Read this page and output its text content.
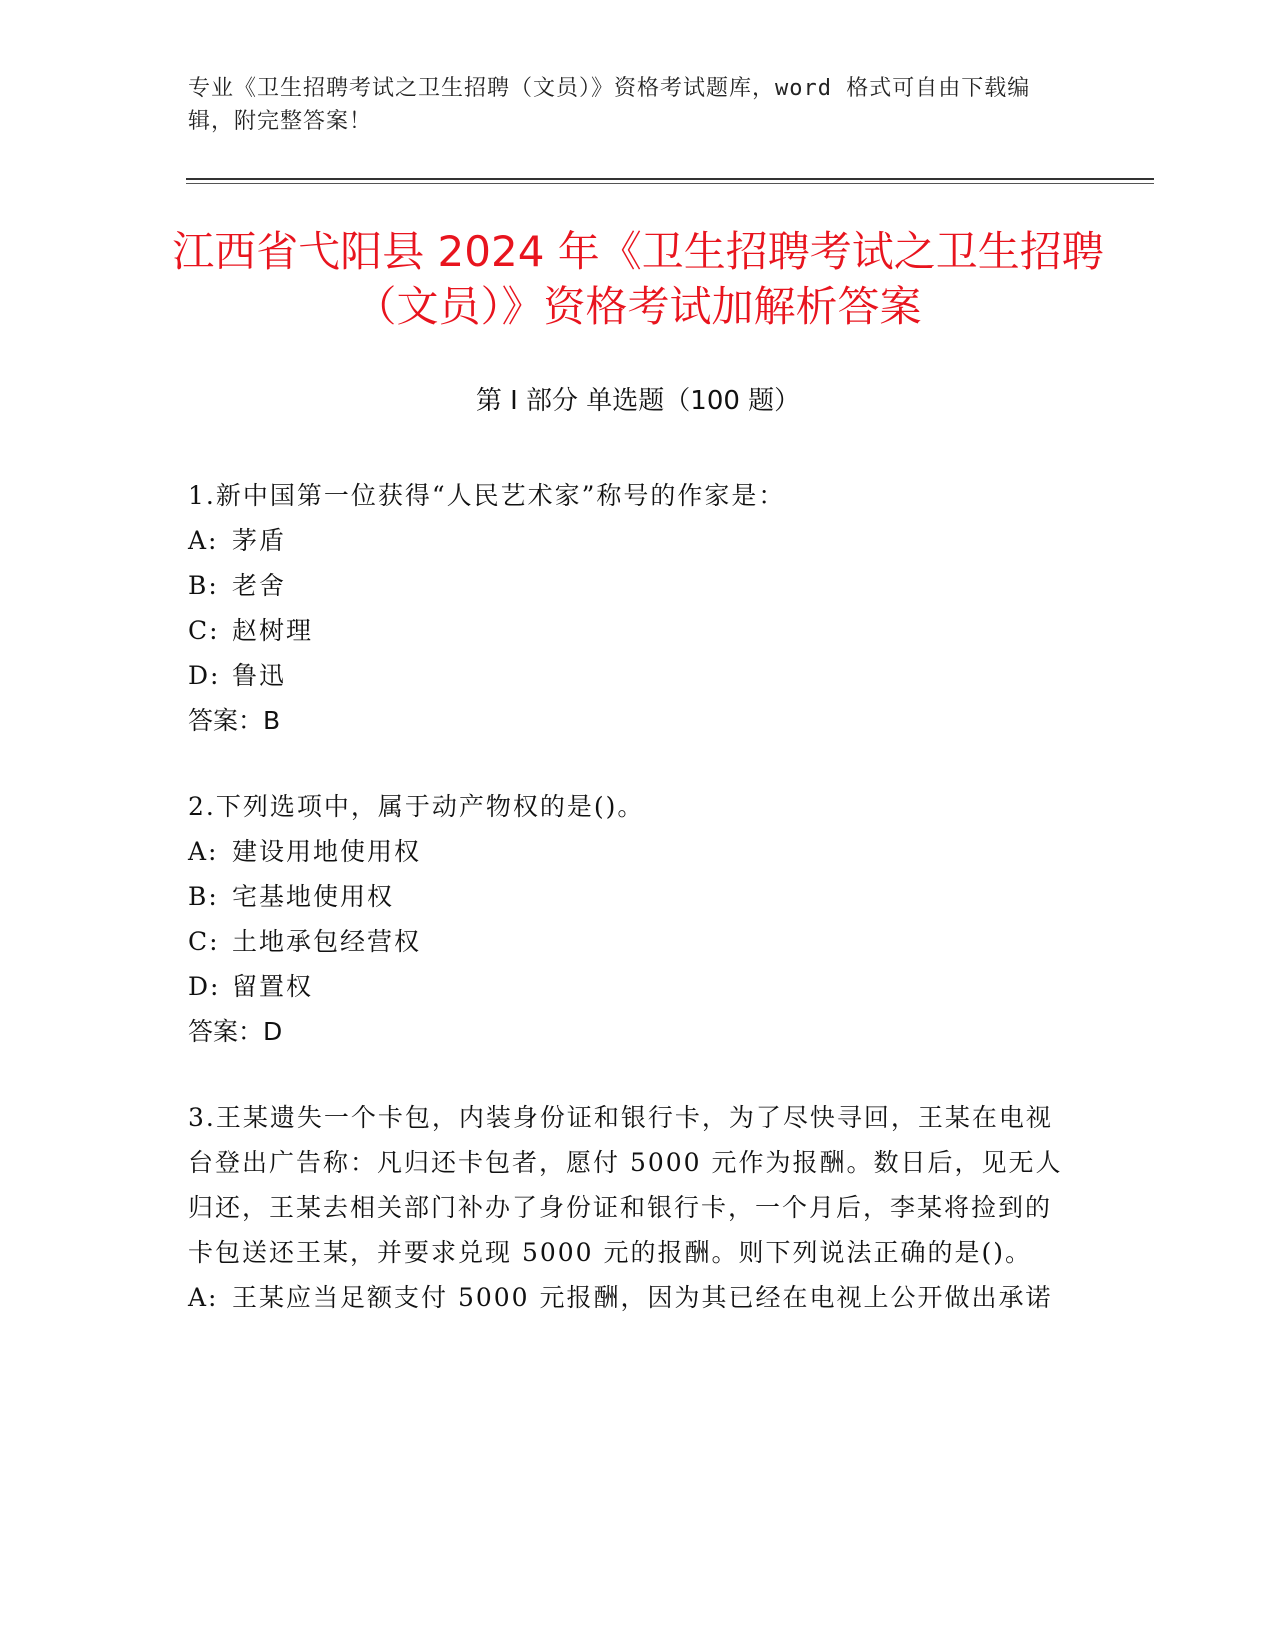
专业《卫生招聘考试之卫生招聘（文员）》资格考试题库，word 格式可自由下载编辑，附完整答案！
江西省弋阳县 2024 年《卫生招聘考试之卫生招聘（文员）》资格考试加解析答案
第 I 部分 单选题（100 题）
1.新中国第一位获得“人民艺术家”称号的作家是：
A: 茅盾
B: 老舍
C: 赵树理
D: 鲁迅
答案：B
2.下列选项中，属于动产物权的是()。
A: 建设用地使用权
B: 宅基地使用权
C: 土地承包经营权
D: 留置权
答案：D
3.王某遗失一个卡包，内装身份证和银行卡，为了尽快寻回，王某在电视台登出广告称：凡归还卡包者，愿付 5000 元作为报酬。数日后，见无人归还，王某去相关部门补办了身份证和银行卡，一个月后，李某将捡到的卡包送还王某，并要求兑现 5000 元的报酬。则下列说法正确的是()。
A: 王某应当足额支付 5000 元报酬，因为其已经在电视上公开做出承诺
